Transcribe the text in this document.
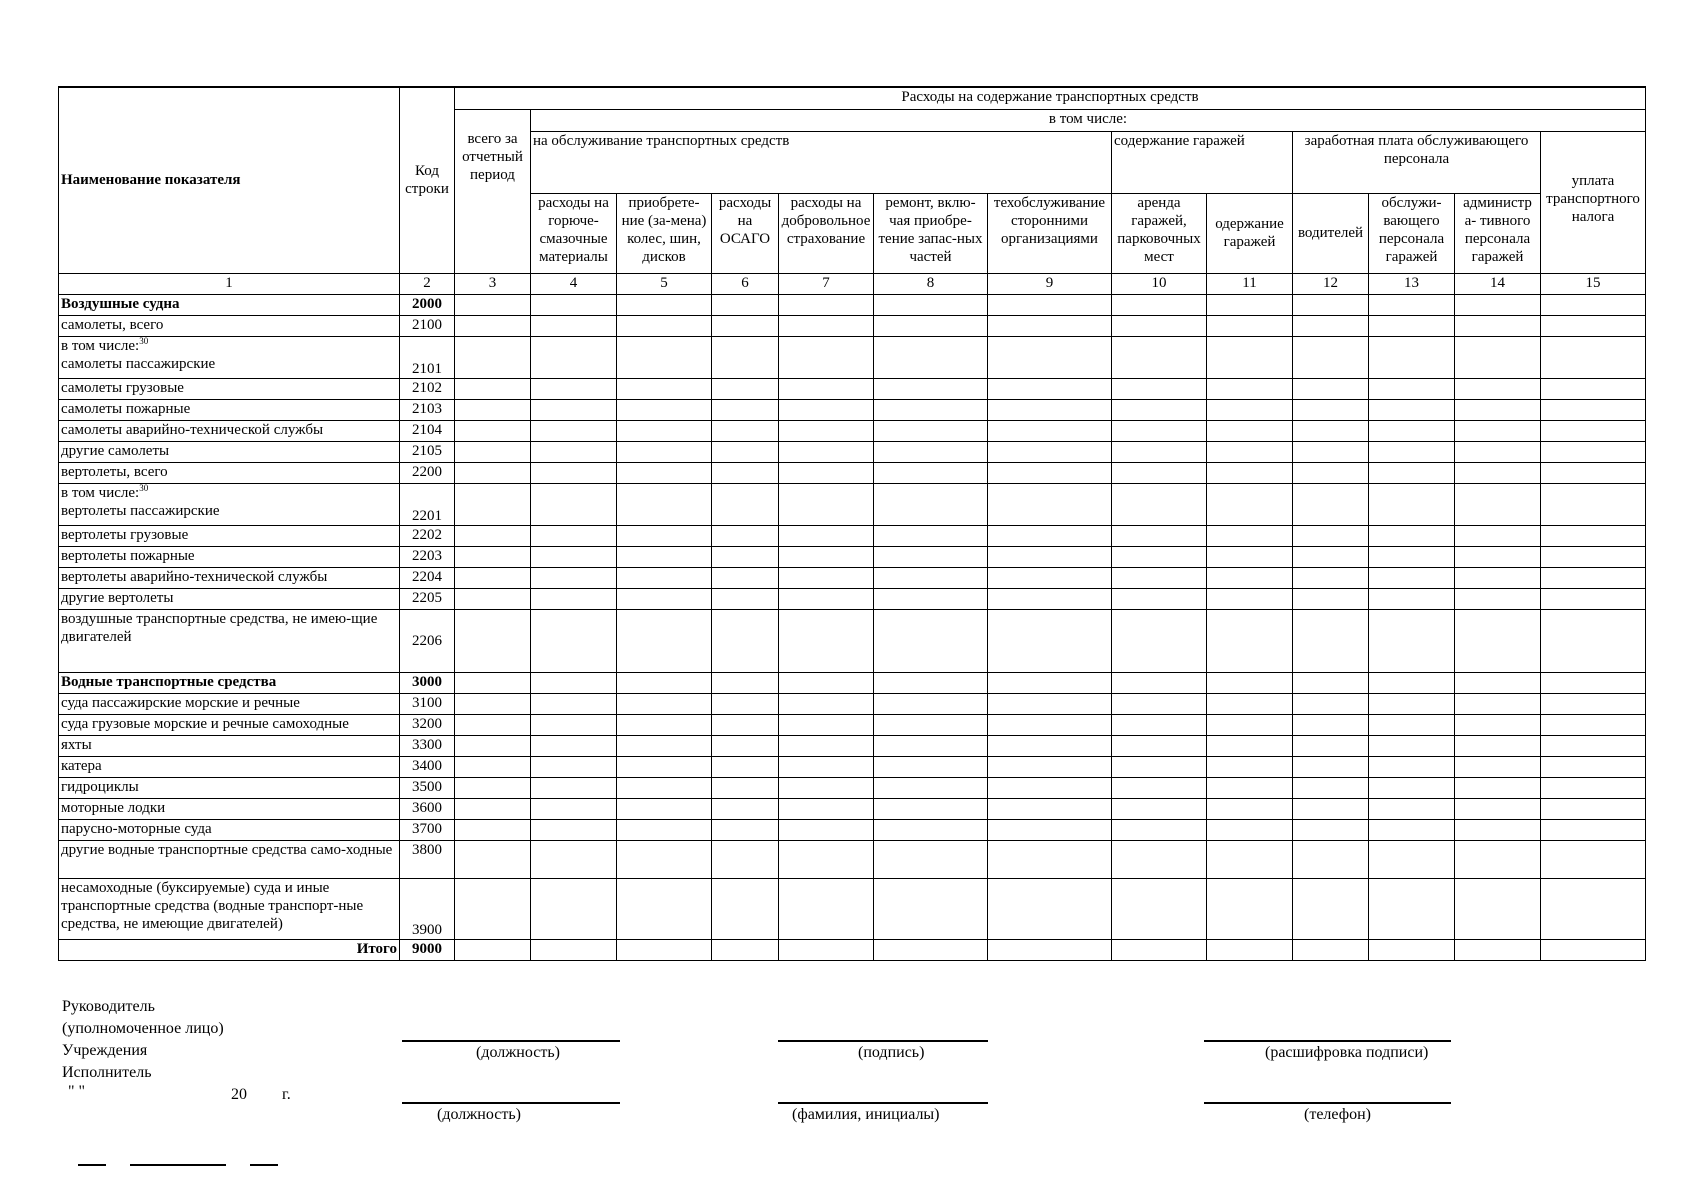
Наименование показателя	Код строки	Расходы на содержание транспортных средств												
		всего за отчетный период	в том числе:											
			на обслуживание транспортных средств						содержание гаражей		заработная плата обслуживающего персонала			уплата транспортного налога
			расходы на горюче-смазочные материалы	приобрете-ние (за-мена) колес, шин, дисков	расходы на ОСАГО	расходы на добровольное страхование	ремонт, вклю-чая приобре-тение запас-ных частей	техобслуживание сторонними организациями	аренда гаражей, парковочных мест	одержание гаражей	водителей	обслужи-вающего персонала гаражей	администр а- тивного персонала гаражей	
1	2	3	4	5	6	7	8	9	10	11	12	13	14	15

Воздушные судна	2000													

самолеты, всего	2100													

в том числе:$^{30}$
самолеты пассажирские	2101													

самолеты грузовые	2102													

самолеты пожарные	2103													

самолеты аварийно-технической службы	2104													

другие самолеты	2105													

вертолеты, всего	2200													

в том числе:$^{30}$
вертолеты пассажирские	2201													

вертолеты грузовые	2202													

вертолеты пожарные	2203													

вертолеты аварийно-технической службы	2204													

другие вертолеты	2205													

воздушные транспортные средства, не имею-щие двигателей	2206													

Водные транспортные средства	3000													

суда пассажирские морские и речные	3100													

суда грузовые морские и речные самоходные	3200													

яхты	3300													

катера	3400													

гидроциклы	3500													

моторные лодки	3600													

парусно-моторные суда	3700													

другие водные транспортные средства само-ходные	3800													

несамоходные (буксируемые) суда и иные транспортные средства (водные транспорт-ные средства, не имеющие двигателей)	3900													

Итого	9000													
Руководитель
(уполномоченное лицо)
Учреждения
Исполнитель
" "	20 г.
(должность)	(подпись)	(расшифровка подписи)
(должность)	(фамилия, инициалы)	(телефон)
